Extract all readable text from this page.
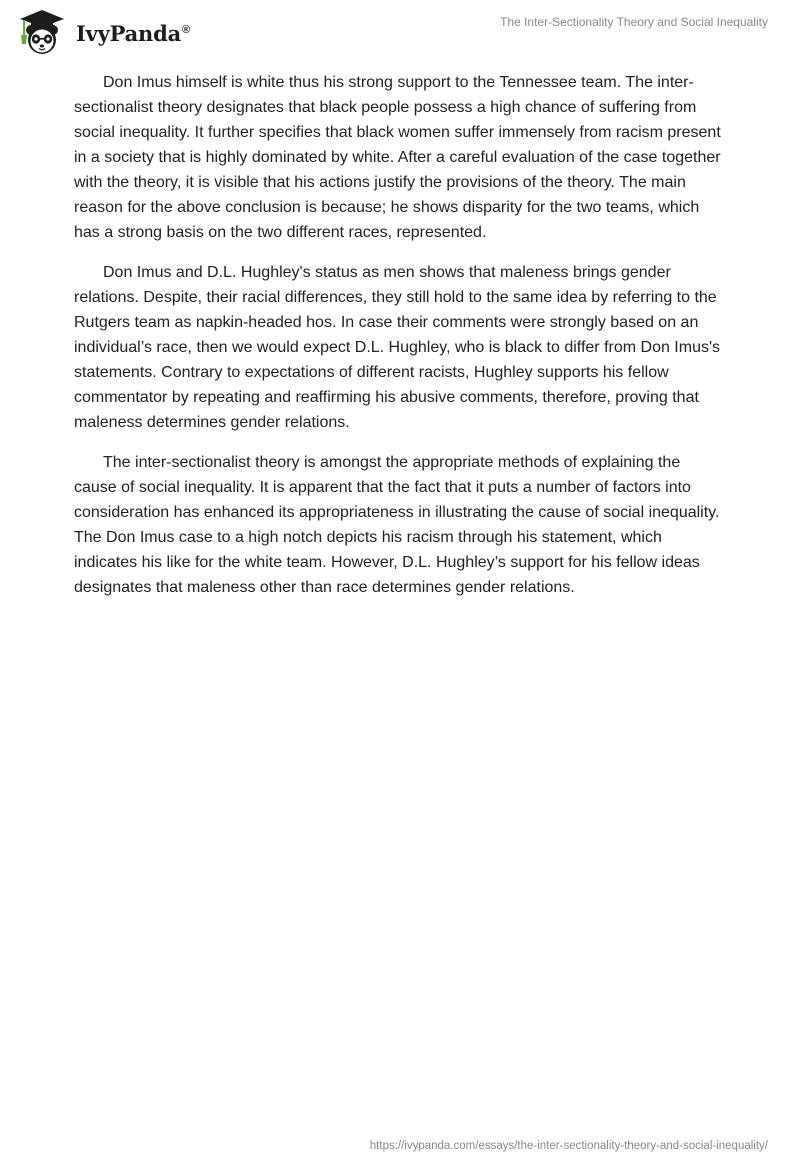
IvyPanda®
The Inter-Sectionality Theory and Social Inequality

Don Imus himself is white thus his strong support to the Tennessee team. The inter-sectionalist theory designates that black people possess a high chance of suffering from social inequality. It further specifies that black women suffer immensely from racism present in a society that is highly dominated by white. After a careful evaluation of the case together with the theory, it is visible that his actions justify the provisions of the theory. The main reason for the above conclusion is because; he shows disparity for the two teams, which has a strong basis on the two different races, represented.

Don Imus and D.L. Hughley's status as men shows that maleness brings gender relations. Despite, their racial differences, they still hold to the same idea by referring to the Rutgers team as napkin-headed hos. In case their comments were strongly based on an individual’s race, then we would expect D.L. Hughley, who is black to differ from Don Imus's statements. Contrary to expectations of different racists, Hughley supports his fellow commentator by repeating and reaffirming his abusive comments, therefore, proving that maleness determines gender relations.

The inter-sectionalist theory is amongst the appropriate methods of explaining the cause of social inequality. It is apparent that the fact that it puts a number of factors into consideration has enhanced its appropriateness in illustrating the cause of social inequality. The Don Imus case to a high notch depicts his racism through his statement, which indicates his like for the white team. However, D.L. Hughley’s support for his fellow ideas designates that maleness other than race determines gender relations.

https://ivypanda.com/essays/the-inter-sectionality-theory-and-social-inequality/
